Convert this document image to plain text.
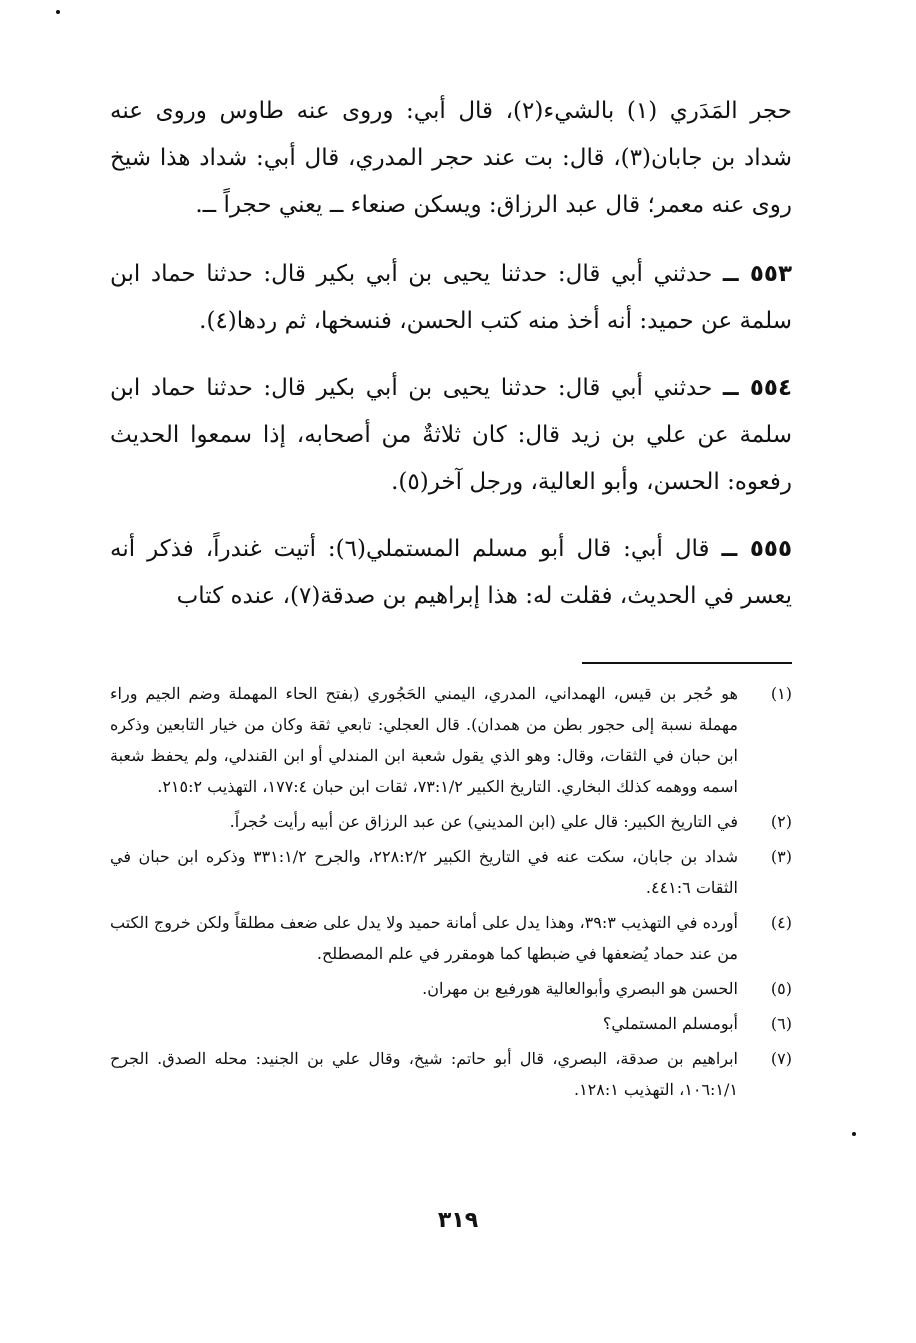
حجر المَدَري (١) بالشيء(٢)، قال أبي: وروى عنه طاوس وروى عنه شداد بن جابان(٣)، قال: بت عند حجر المدري، قال أبي: شداد هذا شيخ روى عنه معمر؛ قال عبد الرزاق: ويسكن صنعاء ــ يعني حجراً ــ.

٥٥٣ ــ حدثني أبي قال: حدثنا يحيى بن أبي بكير قال: حدثنا حماد ابن سلمة عن حميد: أنه أخذ منه كتب الحسن، فنسخها، ثم ردها(٤).

٥٥٤ ــ حدثني أبي قال: حدثنا يحيى بن أبي بكير قال: حدثنا حماد ابن سلمة عن علي بن زيد قال: كان ثلاثةٌ من أصحابه، إذا سمعوا الحديث رفعوه: الحسن، وأبو العالية، ورجل آخر(٥).

٥٥٥ ــ قال أبي: قال أبو مسلم المستملي(٦): أتيت غندراً، فذكر أنه يعسر في الحديث، فقلت له: هذا إبراهيم بن صدقة(٧)، عنده كتاب

(١)
هو حُجر بن قيس، الهمداني، المدري، اليمني الحَجُوري (بفتح الحاء المهملة وضم الجيم وراء مهملة نسبة إلى حجور بطن من همدان). قال العجلي: تابعي ثقة وكان من خيار التابعين وذكره ابن حبان في الثقات، وقال: وهو الذي يقول شعبة ابن المندلي أو ابن القندلي، ولم يحفظ شعبة اسمه ووهمه كذلك البخاري. التاريخ الكبير ٧٣:١/٢، ثقات ابن حبان ١٧٧:٤، التهذيب ٢١٥:٢.
(٢)
في التاريخ الكبير: قال علي (ابن المديني) عن عبد الرزاق عن أبيه رأيت حُجراً.
(٣)
شداد بن جابان، سكت عنه في التاريخ الكبير ٢٢٨:٢/٢، والجرح ٣٣١:١/٢ وذكره ابن حبان في الثقات ٤٤١:٦.
(٤)
أورده في التهذيب ٣٩:٣، وهذا يدل على أمانة حميد ولا يدل على ضعف مطلقاً ولكن خروج الكتب من عند حماد يُضعفها في ضبطها كما هومقرر في علم المصطلح.
(٥)
الحسن هو البصري وأبوالعالية هورفيع بن مهران.
(٦)
أبومسلم المستملي؟
(٧)
ابراهيم بن صدقة، البصري، قال أبو حاتم: شيخ، وقال علي بن الجنيد: محله الصدق. الجرح ١٠٦:١/١، التهذيب ١٢٨:١.
٣١٩
